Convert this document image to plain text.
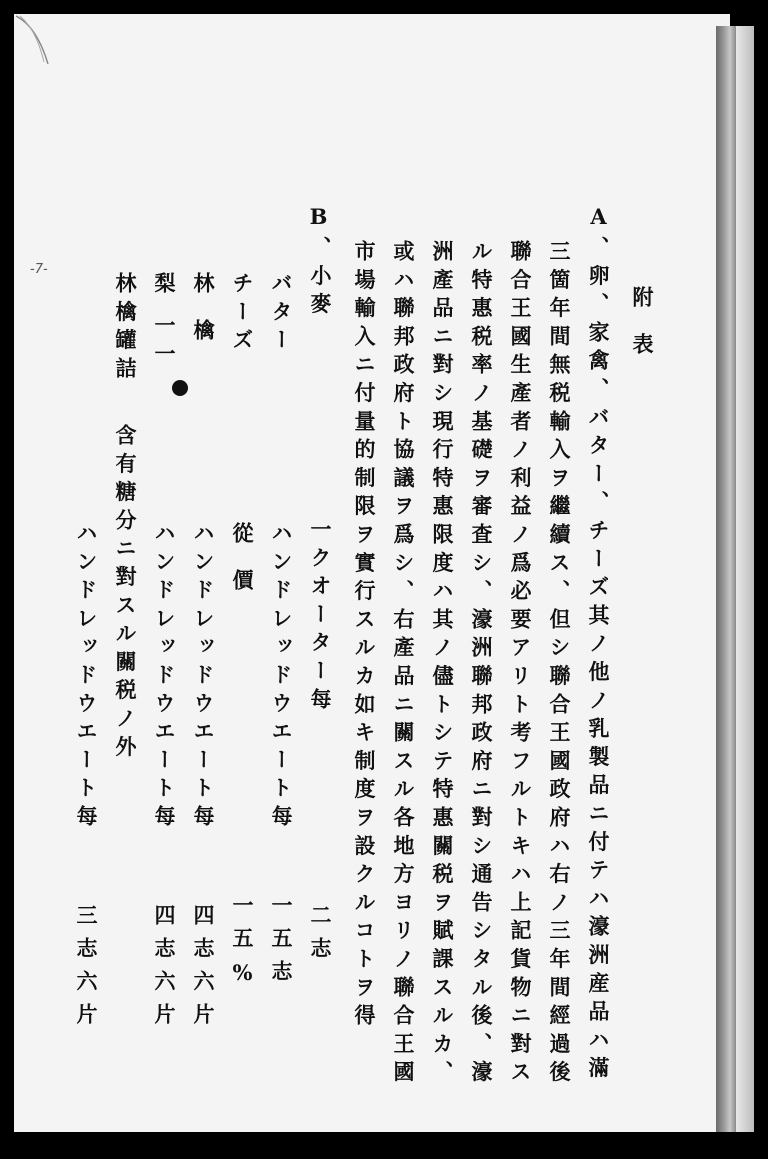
-7-
附表
A
、卵、家禽、バター、チーズ其ノ他ノ乳製品ニ付テハ濠洲産品ハ滿
三箇年間無税輸入ヲ繼續ス、但シ聯合王國政府ハ右ノ三年間經過後
聯合王國生產者ノ利益ノ爲必要アリト考フルトキハ上記貨物ニ對ス
ル特惠税率ノ基礎ヲ審査シ、濠洲聯邦政府ニ對シ通告シタル後、濠
洲產品ニ對シ現行特惠限度ハ其ノ儘トシテ特惠關税ヲ賦課スルカ、
或ハ聯邦政府ト協議ヲ爲シ、右產品ニ關スル各地方ヨリノ聯合王國
市場輸入ニ付量的制限ヲ實行スルカ如キ制度ヲ設クルコトヲ得
B
、小麥
一クオーター每
二志
バター
ハンドレッドウエート每
一五志
チーズ
從價
一五%
林檎
ハンドレッドウエート每
四志六片
梨
一一
ハンドレッドウエート每
四志六片
林檎罐詰
含有糖分ニ對スル關税ノ外
ハンドレッドウエート每
三志六片
